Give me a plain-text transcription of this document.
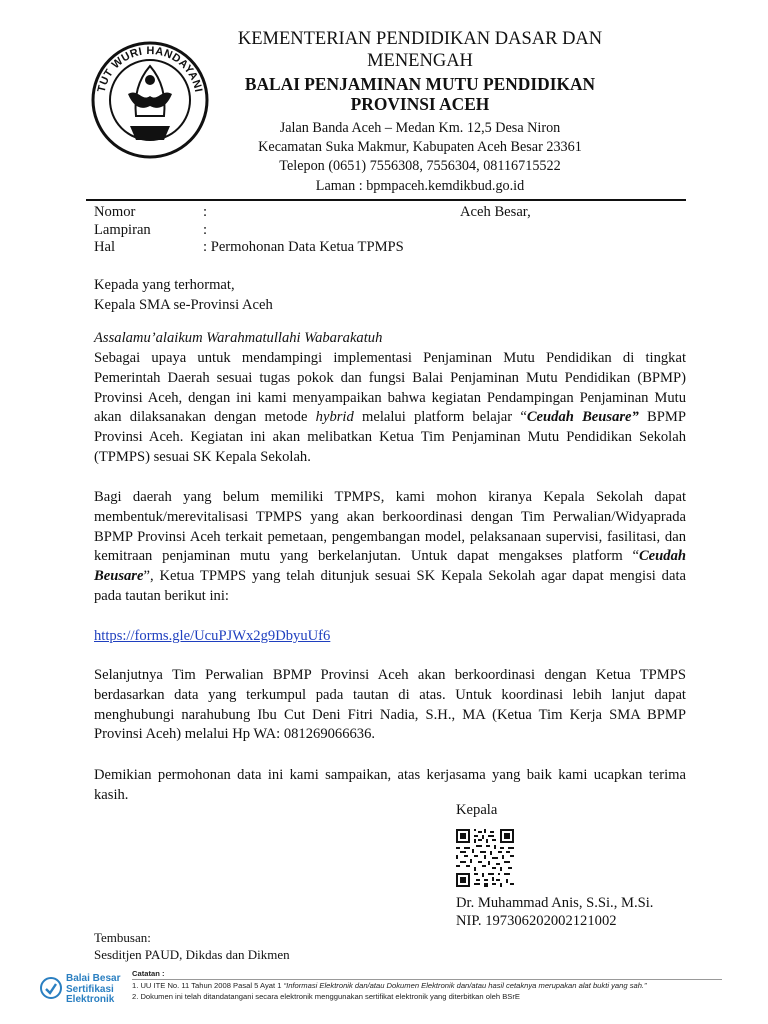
TUT WURI HANDAYANI
KEMENTERIAN PENDIDIKAN DASAR DAN MENENGAH
BALAI PENJAMINAN MUTU PENDIDIKAN
PROVINSI ACEH
Jalan Banda Aceh – Medan Km. 12,5 Desa Niron
Kecamatan Suka Makmur, Kabupaten Aceh Besar 23361
Telepon (0651) 7556308, 7556304, 08116715522
Laman : bpmpaceh.kemdikbud.go.id
Nomor	:	Aceh Besar,
Lampiran	:
Hal	: Permohonan Data Ketua TPMPS
Kepada yang terhormat,
Kepala SMA se-Provinsi Aceh
Assalamu’alaikum Warahmatullahi Wabarakatuh
Sebagai upaya untuk mendampingi implementasi Penjaminan Mutu Pendidikan di tingkat
Pemerintah Daerah sesuai tugas pokok dan fungsi Balai Penjaminan Mutu Pendidikan (BPMP)
Provinsi Aceh, dengan ini kami menyampaikan bahwa kegiatan Pendampingan Penjaminan Mutu
akan dilaksanakan dengan metode hybrid melalui platform belajar “Ceudah Beusare” BPMP
Provinsi Aceh. Kegiatan ini akan melibatkan Ketua Tim Penjaminan Mutu Pendidikan Sekolah
(TPMPS) sesuai SK Kepala Sekolah.
Bagi daerah yang belum memiliki TPMPS, kami mohon kiranya Kepala Sekolah dapat
membentuk/merevitalisasi TPMPS yang akan berkoordinasi dengan Tim Perwalian/Widyaprada
BPMP Provinsi Aceh terkait pemetaan, pengembangan model, pelaksanaan supervisi, fasilitasi, dan
kemitraan penjaminan mutu yang berkelanjutan. Untuk dapat mengakses platform “Ceudah
Beusare”, Ketua TPMPS yang telah ditunjuk sesuai SK Kepala Sekolah agar dapat mengisi data
pada tautan berikut ini:
https://forms.gle/UcuPJWx2g9DbyuUf6
Selanjutnya Tim Perwalian BPMP Provinsi Aceh akan berkoordinasi dengan Ketua TPMPS
berdasarkan data yang terkumpul pada tautan di atas. Untuk koordinasi lebih lanjut dapat
menghubungi narahubung Ibu Cut Deni Fitri Nadia, S.H., MA (Ketua Tim Kerja SMA BPMP
Provinsi Aceh) melalui Hp WA: 081269066636.
Demikian permohonan data ini kami sampaikan, atas kerjasama yang baik kami ucapkan terima
kasih.
Kepala
Dr. Muhammad Anis, S.Si., M.Si.
NIP. 197306202002121002
Tembusan:
Sesditjen PAUD, Dikdas dan Dikmen
Balai Besar
Sertifikasi
Elektronik
Catatan :
1. UU ITE No. 11 Tahun 2008 Pasal 5 Ayat 1 “Informasi Elektronik dan/atau Dokumen Elektronik dan/atau hasil cetaknya merupakan alat bukti yang sah.”
2. Dokumen ini telah ditandatangani secara elektronik menggunakan sertifikat elektronik yang diterbitkan oleh BSrE
